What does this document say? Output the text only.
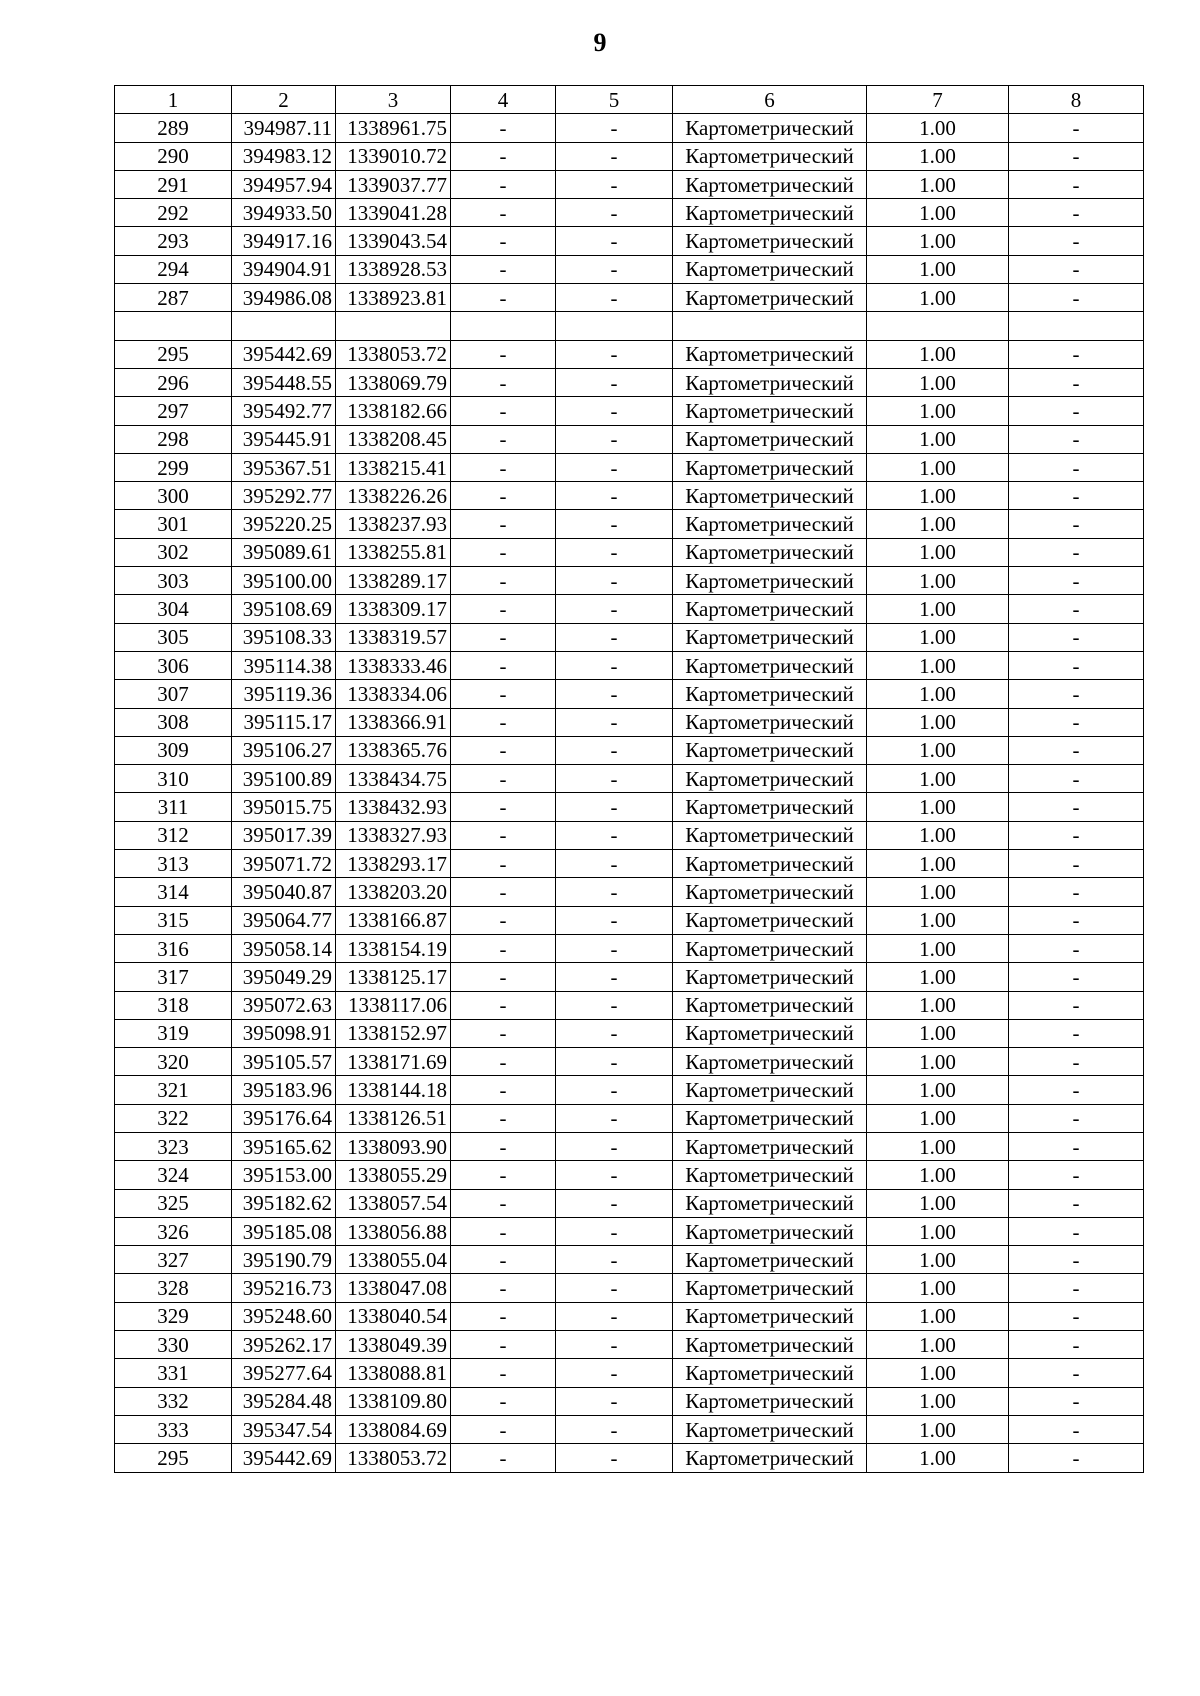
9
1	2	3	4	5	6	7	8
289	394987.11	1338961.75	-	-	Картометрический	1.00	-
290	394983.12	1339010.72	-	-	Картометрический	1.00	-
291	394957.94	1339037.77	-	-	Картометрический	1.00	-
292	394933.50	1339041.28	-	-	Картометрический	1.00	-
293	394917.16	1339043.54	-	-	Картометрический	1.00	-
294	394904.91	1338928.53	-	-	Картометрический	1.00	-
287	394986.08	1338923.81	-	-	Картометрический	1.00	-

295	395442.69	1338053.72	-	-	Картометрический	1.00	-
296	395448.55	1338069.79	-	-	Картометрический	1.00	-
297	395492.77	1338182.66	-	-	Картометрический	1.00	-
298	395445.91	1338208.45	-	-	Картометрический	1.00	-
299	395367.51	1338215.41	-	-	Картометрический	1.00	-
300	395292.77	1338226.26	-	-	Картометрический	1.00	-
301	395220.25	1338237.93	-	-	Картометрический	1.00	-
302	395089.61	1338255.81	-	-	Картометрический	1.00	-
303	395100.00	1338289.17	-	-	Картометрический	1.00	-
304	395108.69	1338309.17	-	-	Картометрический	1.00	-
305	395108.33	1338319.57	-	-	Картометрический	1.00	-
306	395114.38	1338333.46	-	-	Картометрический	1.00	-
307	395119.36	1338334.06	-	-	Картометрический	1.00	-
308	395115.17	1338366.91	-	-	Картометрический	1.00	-
309	395106.27	1338365.76	-	-	Картометрический	1.00	-
310	395100.89	1338434.75	-	-	Картометрический	1.00	-
311	395015.75	1338432.93	-	-	Картометрический	1.00	-
312	395017.39	1338327.93	-	-	Картометрический	1.00	-
313	395071.72	1338293.17	-	-	Картометрический	1.00	-
314	395040.87	1338203.20	-	-	Картометрический	1.00	-
315	395064.77	1338166.87	-	-	Картометрический	1.00	-
316	395058.14	1338154.19	-	-	Картометрический	1.00	-
317	395049.29	1338125.17	-	-	Картометрический	1.00	-
318	395072.63	1338117.06	-	-	Картометрический	1.00	-
319	395098.91	1338152.97	-	-	Картометрический	1.00	-
320	395105.57	1338171.69	-	-	Картометрический	1.00	-
321	395183.96	1338144.18	-	-	Картометрический	1.00	-
322	395176.64	1338126.51	-	-	Картометрический	1.00	-
323	395165.62	1338093.90	-	-	Картометрический	1.00	-
324	395153.00	1338055.29	-	-	Картометрический	1.00	-
325	395182.62	1338057.54	-	-	Картометрический	1.00	-
326	395185.08	1338056.88	-	-	Картометрический	1.00	-
327	395190.79	1338055.04	-	-	Картометрический	1.00	-
328	395216.73	1338047.08	-	-	Картометрический	1.00	-
329	395248.60	1338040.54	-	-	Картометрический	1.00	-
330	395262.17	1338049.39	-	-	Картометрический	1.00	-
331	395277.64	1338088.81	-	-	Картометрический	1.00	-
332	395284.48	1338109.80	-	-	Картометрический	1.00	-
333	395347.54	1338084.69	-	-	Картометрический	1.00	-
295	395442.69	1338053.72	-	-	Картометрический	1.00	-
